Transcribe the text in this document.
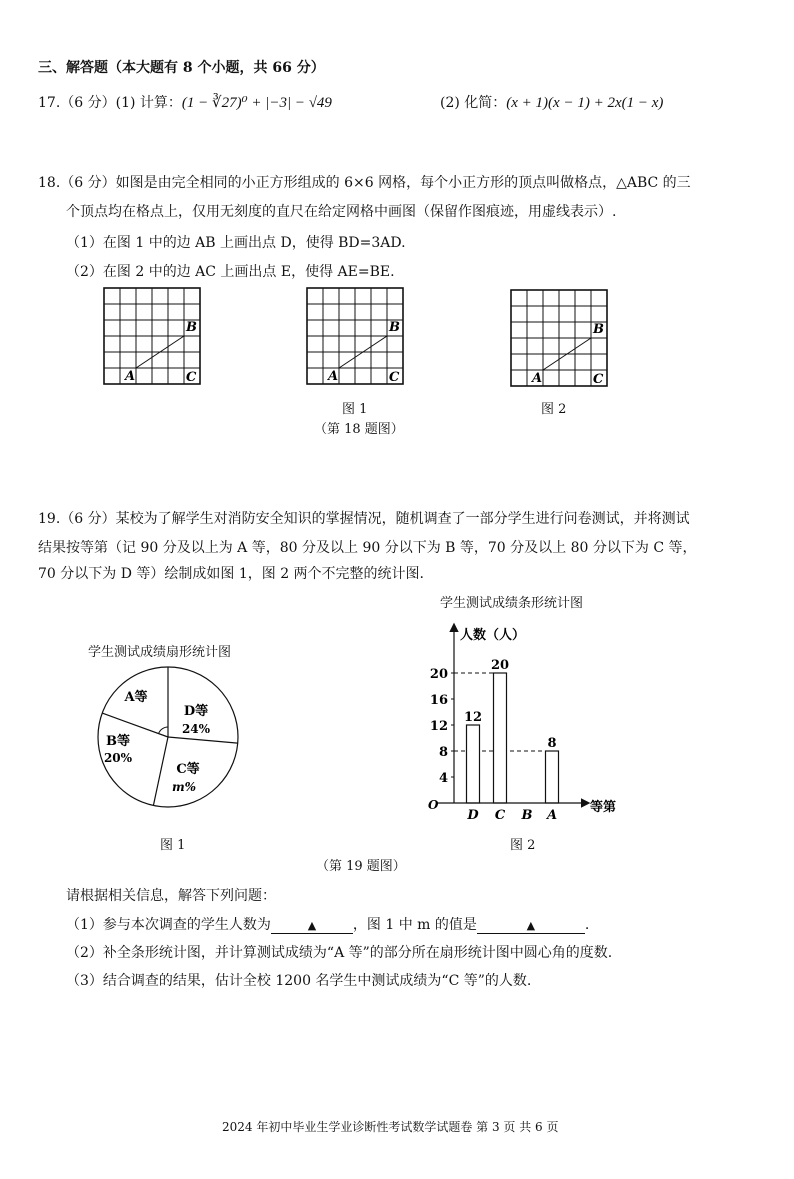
三、解答题（本大题有 8 个小题，共 66 分）
17.（6 分）(1) 计算：(1 − ∛27)⁰ + |−3| − √49	(2) 化简：(x + 1)(x − 1) + 2x(1 − x)
18.（6 分）如图是由完全相同的小正方形组成的 6×6 网格，每个小正方形的顶点叫做格点，△ABC 的三
个顶点均在格点上，仅用无刻度的直尺在给定网格中画图（保留作图痕迹，用虚线表示）.
（1）在图 1 中的边 AB 上画出点 D，使得 BD=3AD.
（2）在图 2 中的边 AC 上画出点 E，使得 AE=BE.
A
B
C	A
B
C	A
B
C
图 1	图 2
（第 18 题图）
19.（6 分）某校为了解学生对消防安全知识的掌握情况，随机调查了一部分学生进行问卷测试，并将测试
结果按等第（记 90 分及以上为 A 等，80 分及以上 90 分以下为 B 等，70 分及以上 80 分以下为 C 等，
70 分以下为 D 等）绘制成如图 1，图 2 两个不完整的统计图.
学生测试成绩扇形统计图
A等
D等
24%
C等
m%
B等
20%
图 1
学生测试成绩条形统计图
4
8
12
16
20
12
20
8
D C B A
人数（人）
等第
O
图 2
（第 19 题图）
请根据相关信息，解答下列问题：
（1）参与本次调查的学生人数为	▲	，图 1 中 m 的值是	▲	.
（2）补全条形统计图，并计算测试成绩为“A 等”的部分所在扇形统计图中圆心角的度数.
（3）结合调查的结果，估计全校 1200 名学生中测试成绩为“C 等”的人数.
2024 年初中毕业生学业诊断性考试数学试题卷 第 3 页 共 6 页
